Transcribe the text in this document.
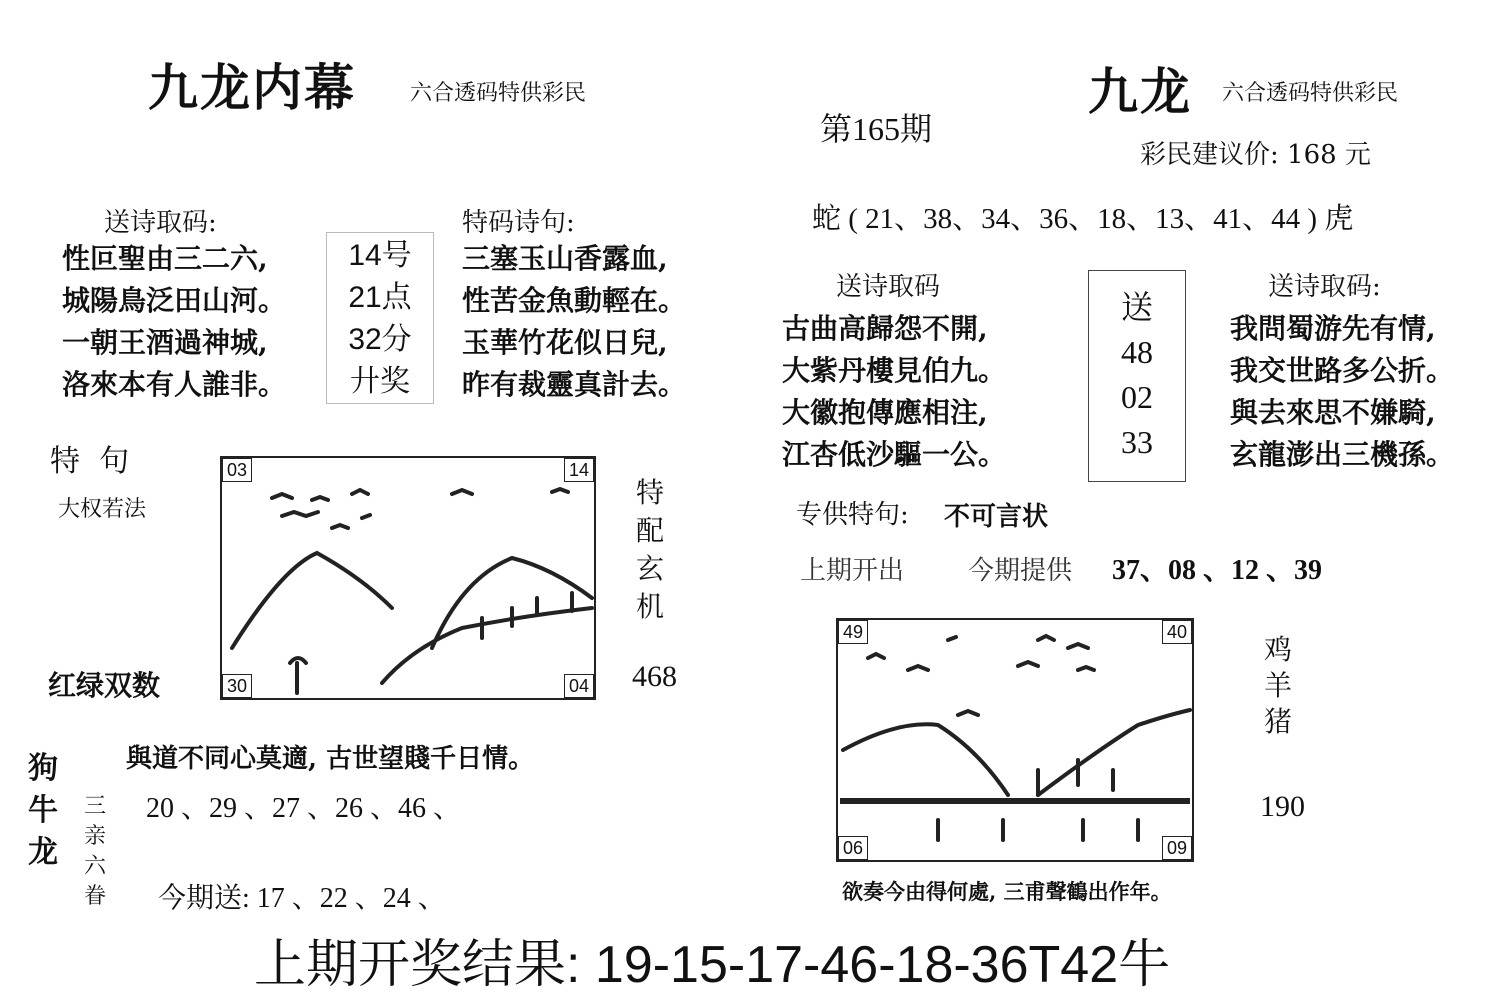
九龙内幕 六合透码特供彩民
送诗取码:
性叵聖由三二六,
城陽鳥泛田山河。
一朝王酒過神城,
洛來本有人誰非。
14号
21点
32分
廾奖
特码诗句:
三塞玉山香露血,
性苦金魚動輕在。
玉華竹花似日兒,
昨有裁靈真計去。
特  句
大权若法
红绿双数
03	14
30	04
特
配
玄
机
468
與道不同心莫適, 古世望賤千日情。
狗
牛
龙
三
亲
六
眷
20 、29 、27 、26 、46 、
今期送: 17 、22 、24 、
第165期
九龙 六合透码特供彩民
彩民建议价: 168 元
蛇 ( 21、38、34、36、18、13、41、44 ) 虎
送诗取码
古曲高歸怨不開,
大紫丹樓見伯九。
大徽抱傳應相注,
江杏低沙驅一公。
送
48
02
33
送诗取码:
我問蜀游先有情,
我交世路多公折。
與去來思不嫌騎,
玄龍澎出三機孫。
专供特句: 不可言状
上期开出 今期提供 37、08 、12 、39
49	40
06	09
鸡
羊
猪
190
欲奏今由得何處, 三甫聲鶴出作年。
上期开奖结果: 19-15-17-46-18-36T42牛
